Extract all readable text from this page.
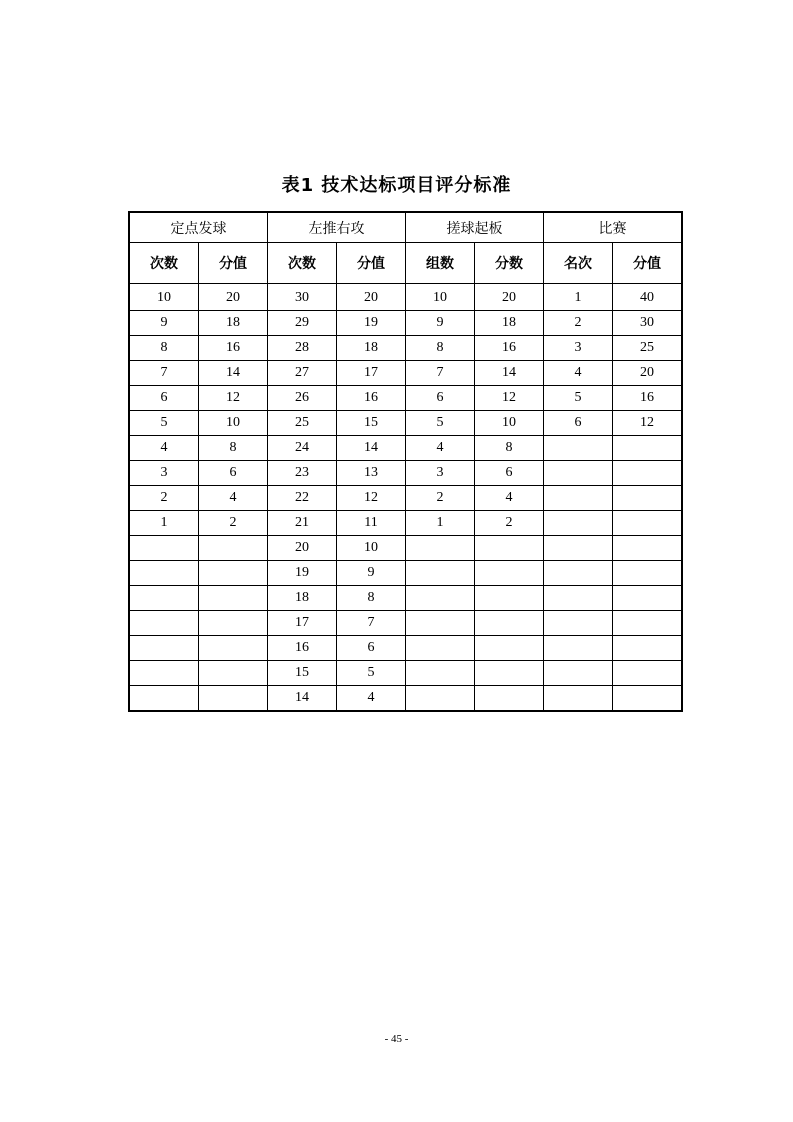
表1 技术达标项目评分标准
定点发球		左推右攻		搓球起板		比赛	
次数	分值	次数	分值	组数	分数	名次	分值
10	20	30	20	10	20	1	40
9	18	29	19	9	18	2	30
8	16	28	18	8	16	3	25
7	14	27	17	7	14	4	20
6	12	26	16	6	12	5	16
5	10	25	15	5	10	6	12
4	8	24	14	4	8		
3	6	23	13	3	6		
2	4	22	12	2	4		
1	2	21	11	1	2		
		20	10				
		19	9				
		18	8				
		17	7				
		16	6				
		15	5				
		14	4				
- 45 -
